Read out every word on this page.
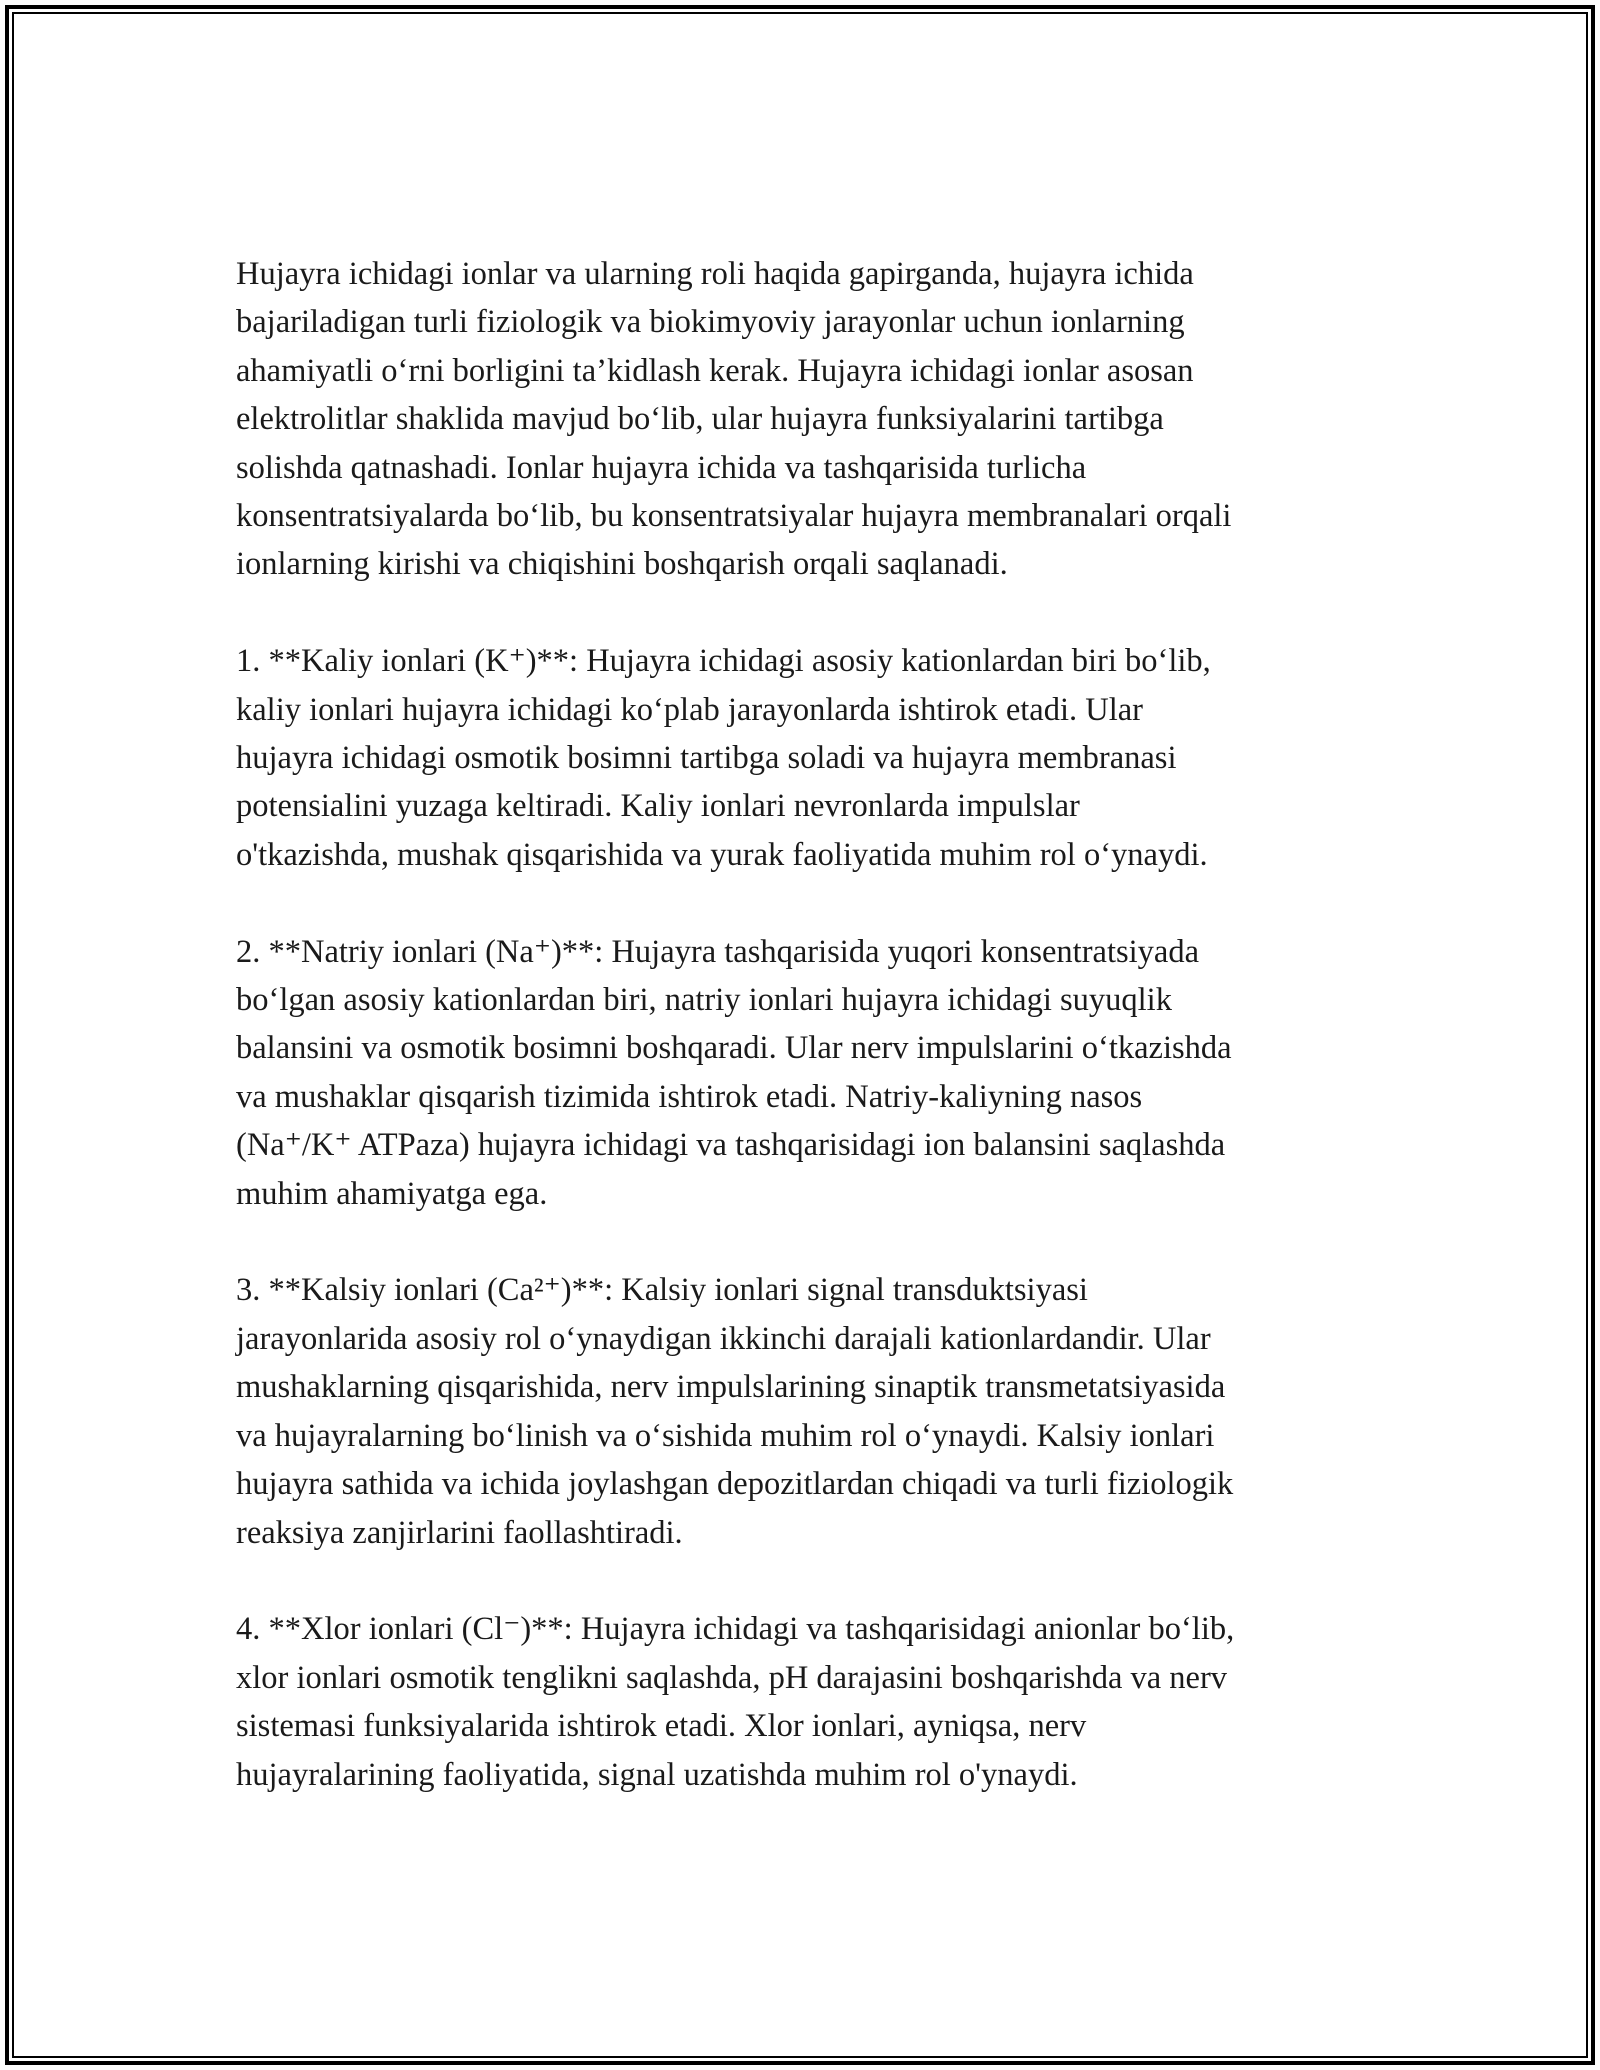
Hujayra ichidagi ionlar va ularning roli haqida gapirganda, hujayra ichida
bajariladigan turli fiziologik va biokimyoviy jarayonlar uchun ionlarning
ahamiyatli o‘rni borligini ta’kidlash kerak. Hujayra ichidagi ionlar asosan
elektrolitlar shaklida mavjud bo‘lib, ular hujayra funksiyalarini tartibga
solishda qatnashadi. Ionlar hujayra ichida va tashqarisida turlicha
konsentratsiyalarda bo‘lib, bu konsentratsiyalar hujayra membranalari orqali
ionlarning kirishi va chiqishini boshqarish orqali saqlanadi.

1. **Kaliy ionlari (K⁺)**: Hujayra ichidagi asosiy kationlardan biri bo‘lib,
kaliy ionlari hujayra ichidagi ko‘plab jarayonlarda ishtirok etadi. Ular
hujayra ichidagi osmotik bosimni tartibga soladi va hujayra membranasi
potensialini yuzaga keltiradi. Kaliy ionlari nevronlarda impulslar
o'tkazishda, mushak qisqarishida va yurak faoliyatida muhim rol o‘ynaydi.

2. **Natriy ionlari (Na⁺)**: Hujayra tashqarisida yuqori konsentratsiyada
bo‘lgan asosiy kationlardan biri, natriy ionlari hujayra ichidagi suyuqlik
balansini va osmotik bosimni boshqaradi. Ular nerv impulslarini o‘tkazishda
va mushaklar qisqarish tizimida ishtirok etadi. Natriy-kaliyning nasos
(Na⁺/K⁺ ATPaza) hujayra ichidagi va tashqarisidagi ion balansini saqlashda
muhim ahamiyatga ega.

3. **Kalsiy ionlari (Ca²⁺)**: Kalsiy ionlari signal transduktsiyasi
jarayonlarida asosiy rol o‘ynaydigan ikkinchi darajali kationlardandir. Ular
mushaklarning qisqarishida, nerv impulslarining sinaptik transmetatsiyasida
va hujayralarning bo‘linish va o‘sishida muhim rol o‘ynaydi. Kalsiy ionlari
hujayra sathida va ichida joylashgan depozitlardan chiqadi va turli fiziologik
reaksiya zanjirlarini faollashtiradi.

4. **Xlor ionlari (Cl⁻)**: Hujayra ichidagi va tashqarisidagi anionlar bo‘lib,
xlor ionlari osmotik tenglikni saqlashda, pH darajasini boshqarishda va nerv
sistemasi funksiyalarida ishtirok etadi. Xlor ionlari, ayniqsa, nerv
hujayralarining faoliyatida, signal uzatishda muhim rol o'ynaydi.
